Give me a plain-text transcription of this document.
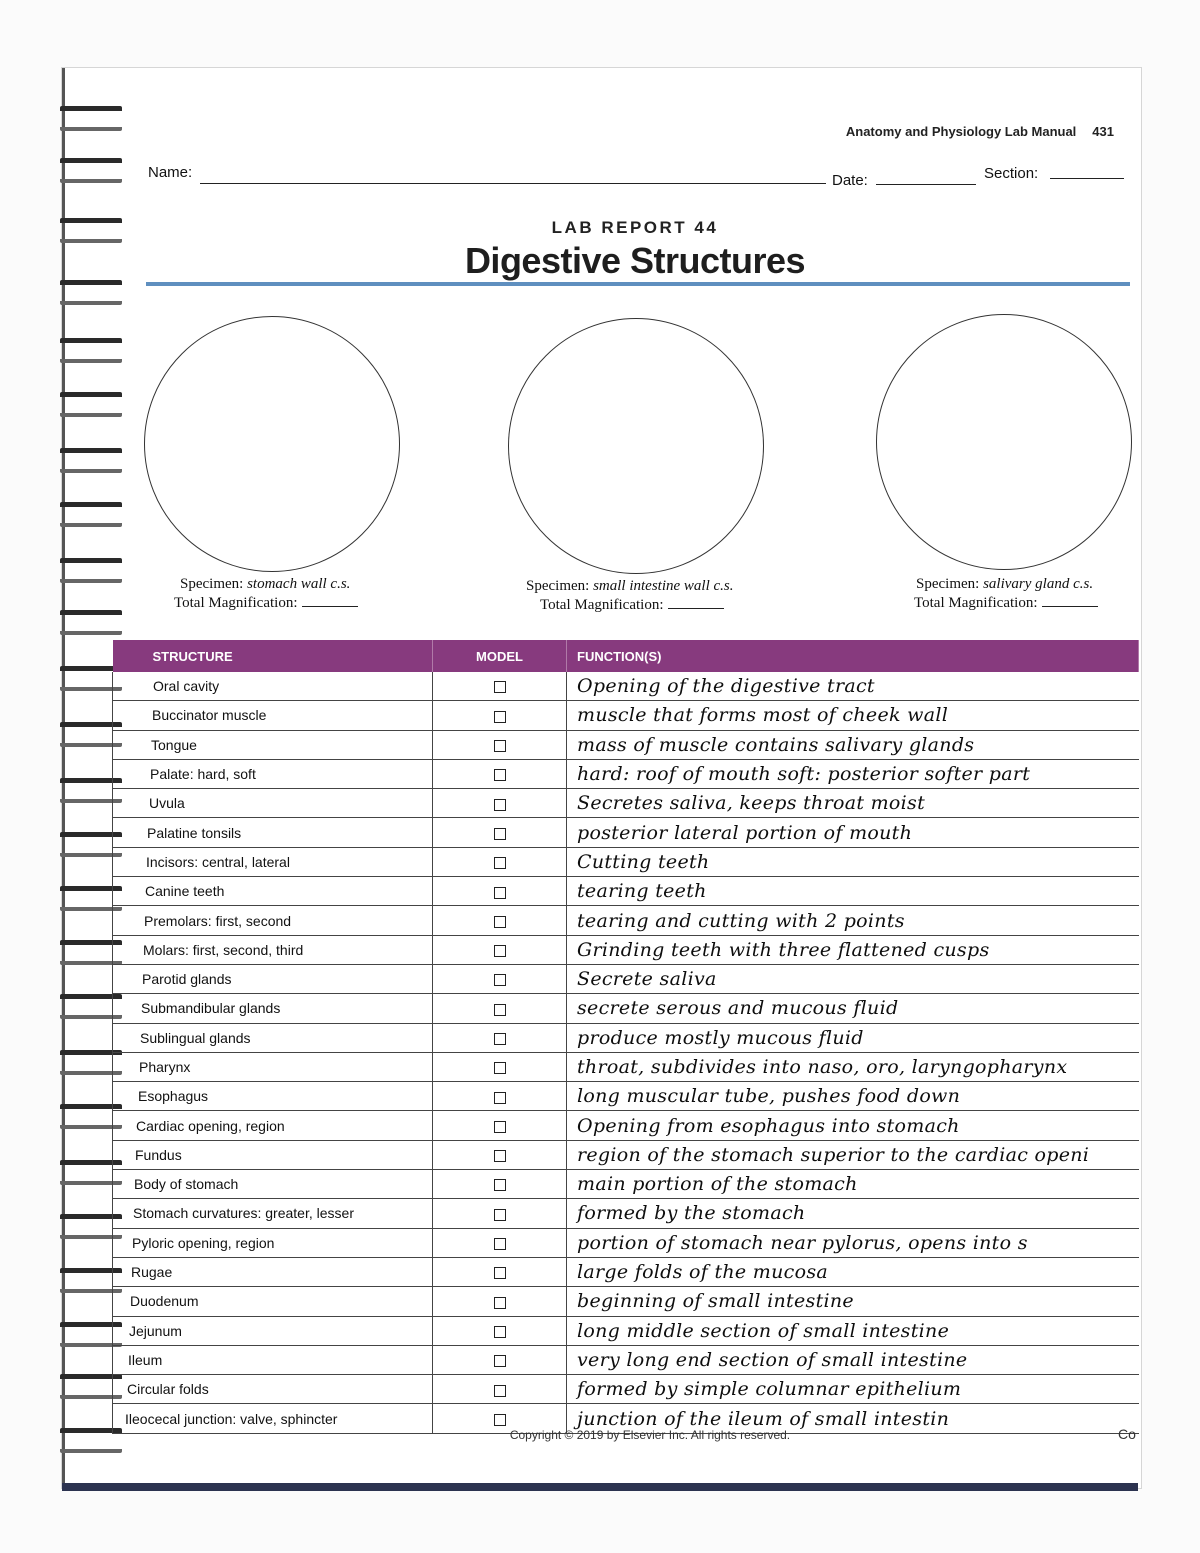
Anatomy and Physiology Lab Manual 431
Name:	Date:	Section:
LAB REPORT 44
Digestive Structures
Specimen: stomach wall c.s.
Total Magnification:
Specimen: small intestine wall c.s.
Total Magnification:
Specimen: salivary gland c.s.
Total Magnification:
STRUCTURE	MODEL	FUNCTION(S)
Oral cavity		Opening of the digestive tract
Buccinator muscle		muscle that forms most of cheek wall
Tongue		mass of muscle contains salivary glands
Palate: hard, soft		hard: roof of mouth soft: posterior softer part
Uvula		Secretes saliva, keeps throat moist
Palatine tonsils		posterior lateral portion of mouth
Incisors: central, lateral		Cutting teeth
Canine teeth		tearing teeth
Premolars: first, second		tearing and cutting with 2 points
Molars: first, second, third		Grinding teeth with three flattened cusps
Parotid glands		Secrete saliva
Submandibular glands		secrete serous and mucous fluid
Sublingual glands		produce mostly mucous fluid
Pharynx		throat, subdivides into naso, oro, laryngopharynx
Esophagus		long muscular tube, pushes food down
Cardiac opening, region		Opening from esophagus into stomach
Fundus		region of the stomach superior to the cardiac openi
Body of stomach		main portion of the stomach
Stomach curvatures: greater, lesser		formed by the stomach
Pyloric opening, region		portion of stomach near pylorus, opens into s
Rugae		large folds of the mucosa
Duodenum		beginning of small intestine
Jejunum		long middle section of small intestine
Ileum		very long end section of small intestine
Circular folds		formed by simple columnar epithelium
Ileocecal junction: valve, sphincter		junction of the ileum of small intestin
Copyright © 2019 by Elsevier Inc. All rights reserved.	Co
